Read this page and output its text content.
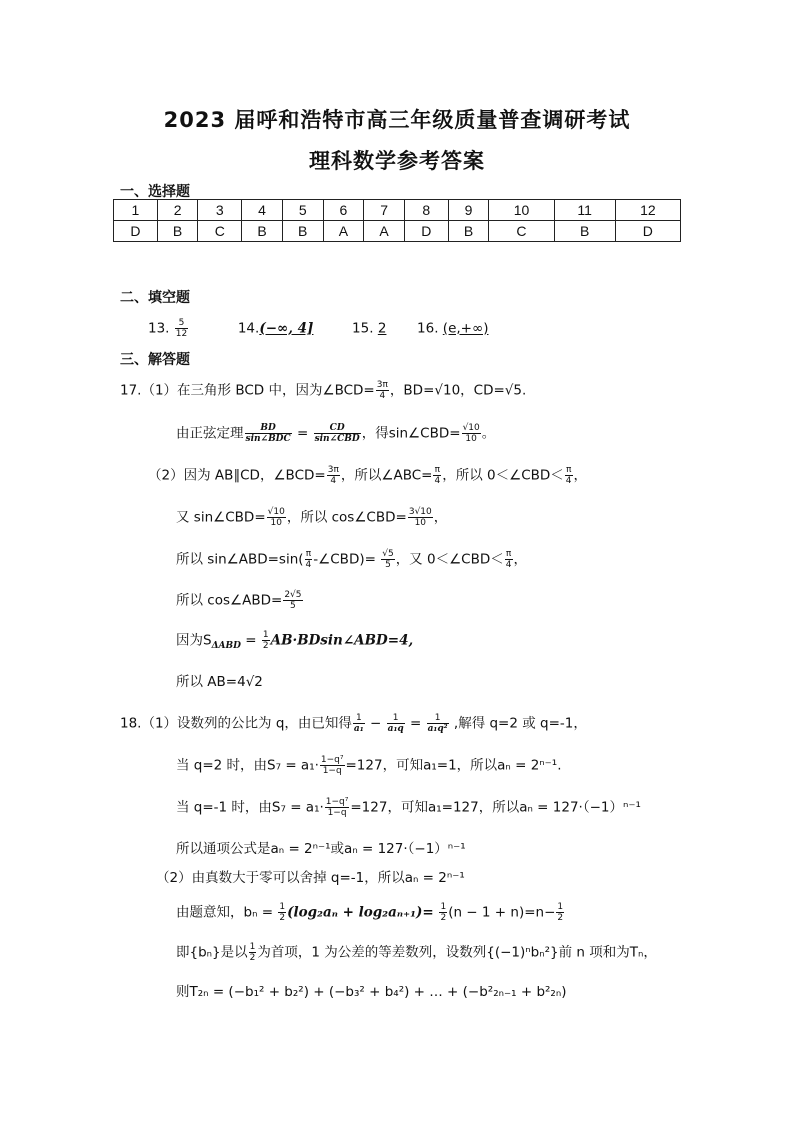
2023 届呼和浩特市高三年级质量普查调研考试
理科数学参考答案
一、选择题
1	2	3	4	5	6	7	8	9	10	11	12
D	B	C	B	B	A	A	D	B	C	B	D
二、填空题
13. $\frac{5}{12}$	14.(−∞, 4]	15. 2 16. (e,+∞)
三、解答题
17.（1）在三角形 BCD 中，因为∠BCD= $\frac{3\pi}{4}$ ，BD=√10，CD=√5.
由正弦定理 $\frac{BD}{\text{sin∠BDC}} = \frac{CD}{\text{sin∠CBD}}$ ，得sin∠CBD= $\frac{√10}{10}$ 。
（2）因为 AB∥CD，∠BCD= $\frac{3\pi}{4}$ ，所以∠ABC= $\frac{\pi}{4}$ ，所以 0＜∠CBD＜ $\frac{\pi}{4}$ ，
又 sin∠CBD= $\frac{√10}{10}$ ，所以 cos∠CBD= $\frac{3√10}{10}$ ，
所以 sin∠ABD=sin( $\frac{\pi}{4}$ -∠CBD)= $\frac{√5}{5}$ ，又 0＜∠CBD＜ $\frac{\pi}{4}$ ，
所以 cos∠ABD= $\frac{2√5}{5}$
因为$S_{\Delta ABD} = \frac{1}{2}$ AB·BDsin∠ABD=4,
所以 AB=4√2
18.（1）设数列的公比为 q，由已知得 $\frac{1}{\text{a₁}} - \frac{1}{\text{a₁q}} = \frac{1}{\text{a₁q²}}$ ,解得 q=2 或 q=-1，
当 q=2 时，由$S_7 = a_1\cdot \frac{\text{1−q⁷}}{1-q} =127$，可知a₁=1，所以aₙ = 2ⁿ⁻¹.
当 q=-1 时，由$S_7 = a_1\cdot \frac{\text{1−q⁷}}{1-q} =127$，可知a₁=127，所以aₙ = 127·（−1）ⁿ⁻¹
所以通项公式是aₙ = 2ⁿ⁻¹或aₙ = 127·（−1）ⁿ⁻¹
（2）由真数大于零可以舍掉 q=-1，所以aₙ = 2ⁿ⁻¹
由题意知，$b_n = \frac{1}{2} (\log_2a_n + \log_2a_{n+1})= \frac{1}{2} (n - 1 + n)=n- \frac{1}{2}$
即{bₙ}是以 $\frac{1}{2}$ 为首项，1 为公差的等差数列，设数列{(−1)ⁿbₙ²}前 n 项和为Tₙ，
则T₂ₙ = (−b₁² + b₂²) + (−b₃² + b₄²) + … + (−b²₂ₙ₋₁ + b²₂ₙ)
